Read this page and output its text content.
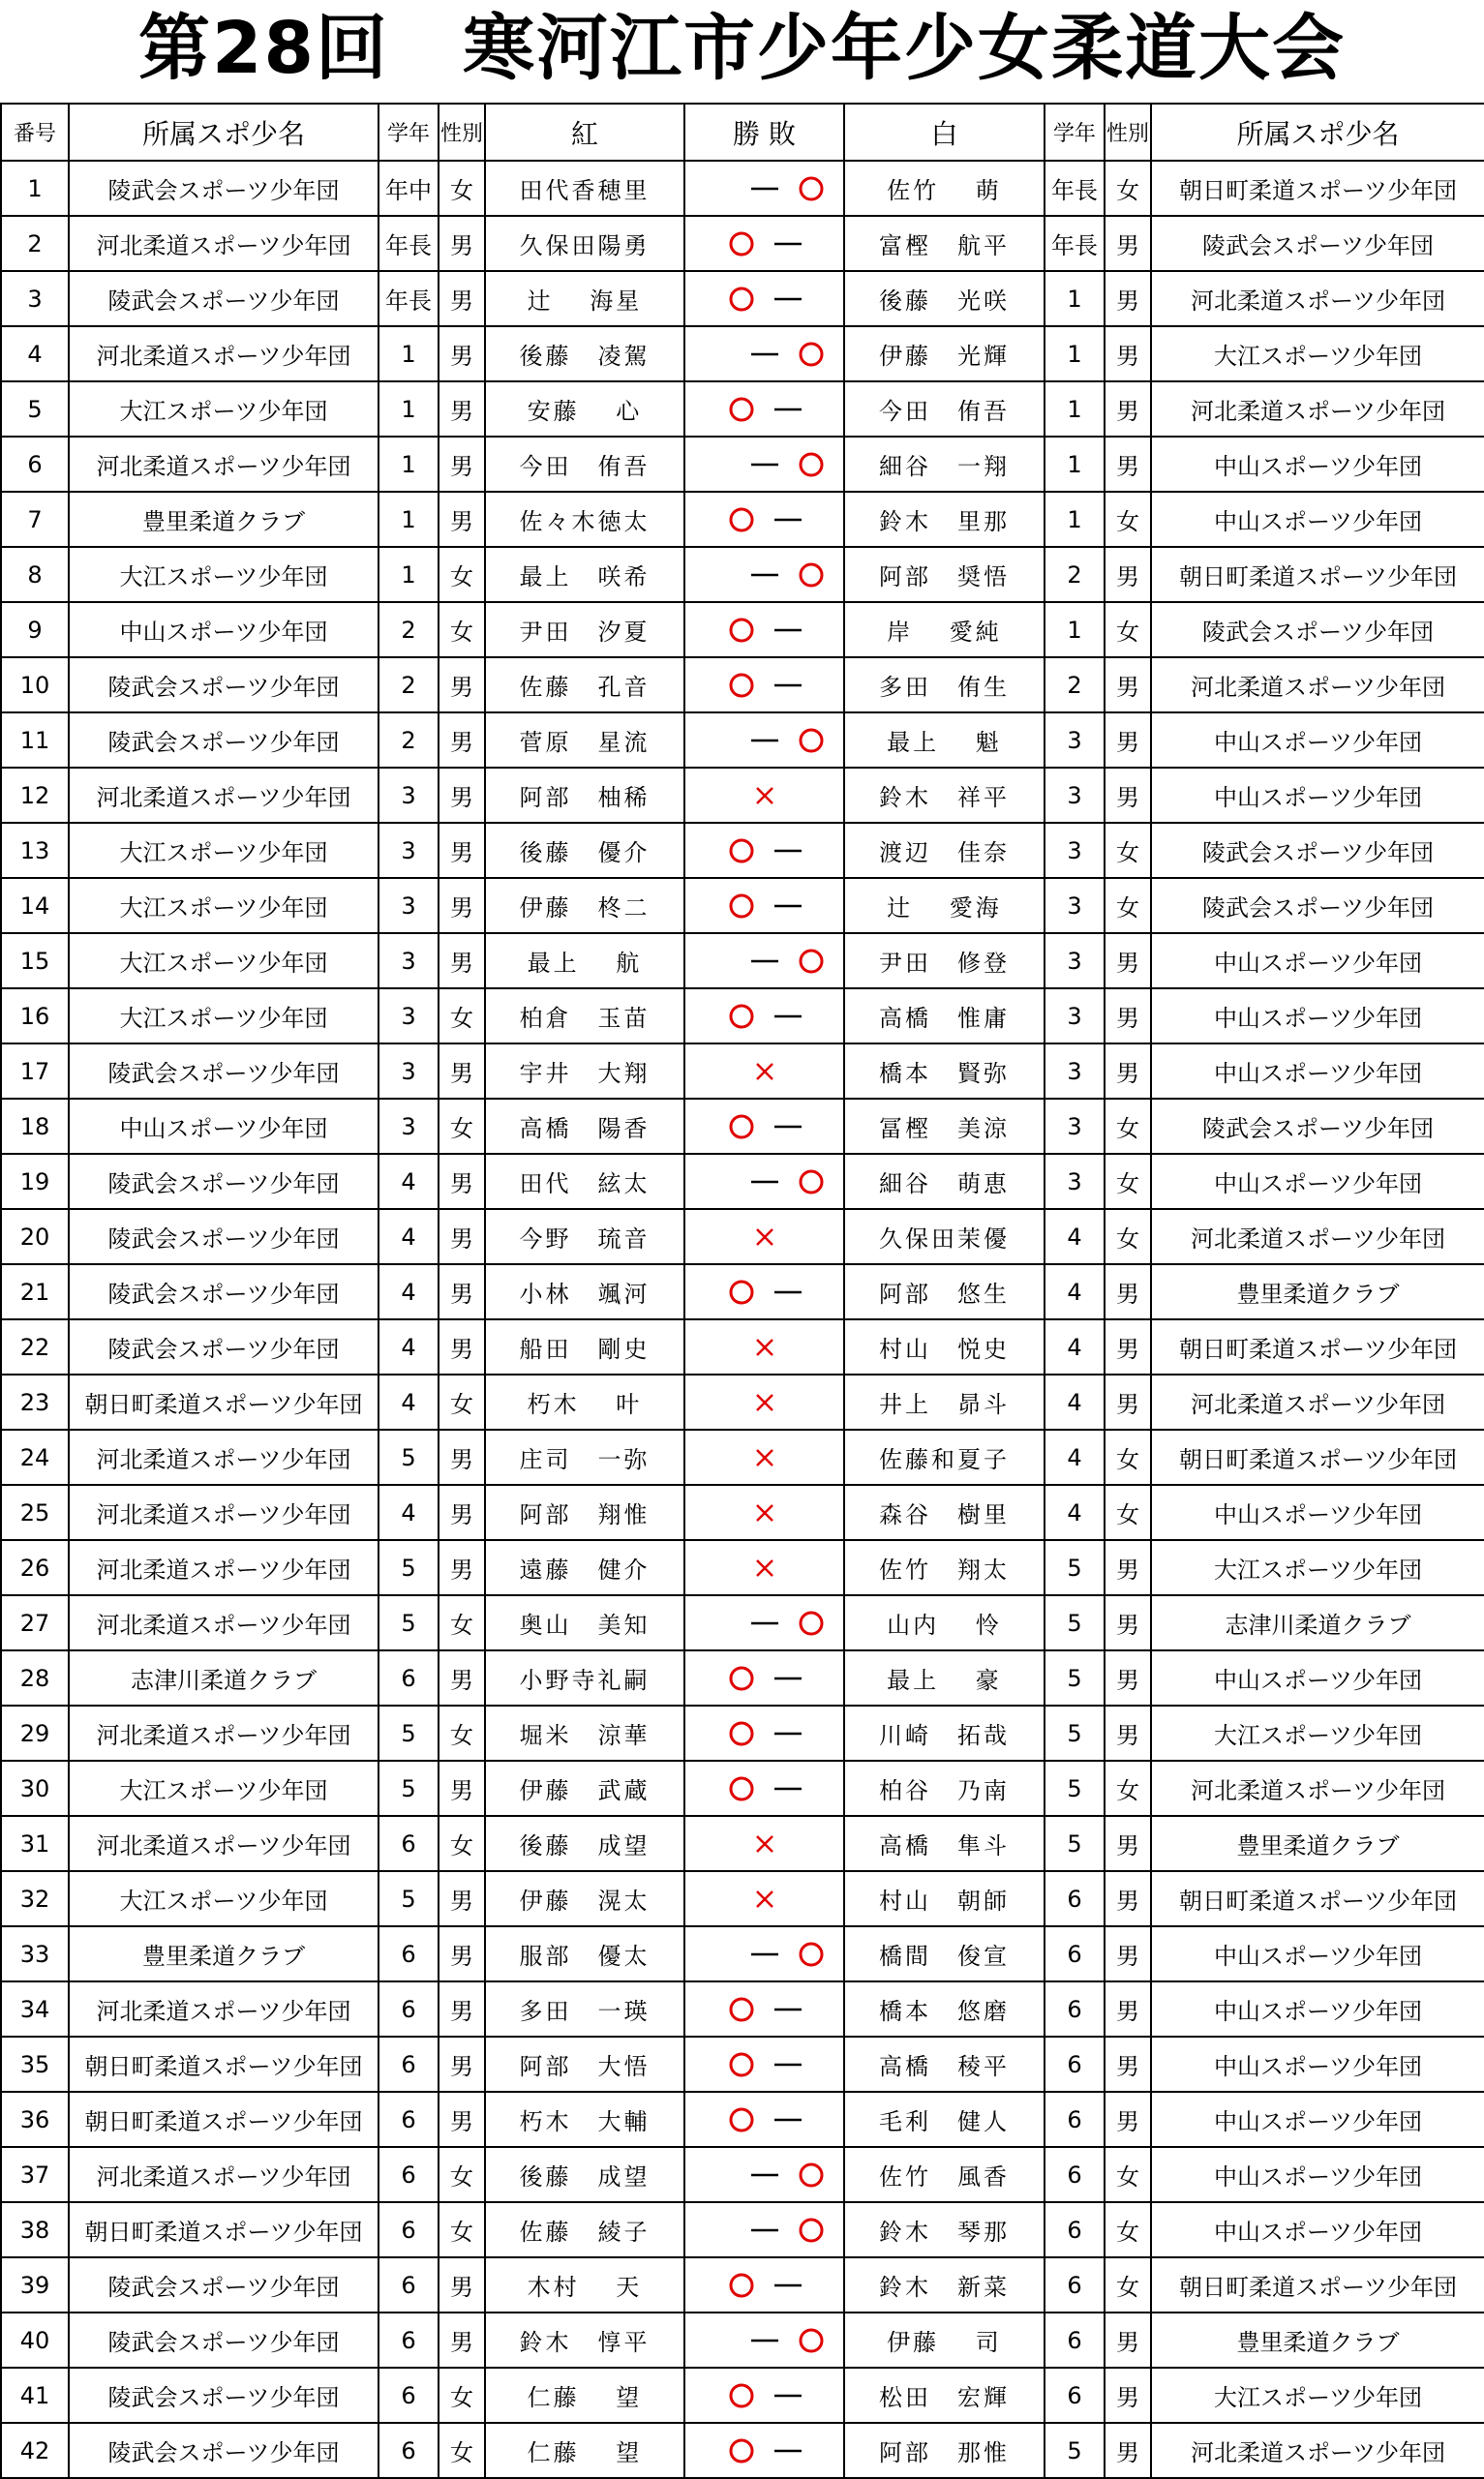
第28回　寒河江市少年少女柔道大会
番号	所属スポ少名	学年	性別	紅	勝 敗	白	学年	性別	所属スポ少名
1	陵武会スポーツ少年団	年中	女	田代香穂里		佐竹　 萌	年長	女	朝日町柔道スポーツ少年団
2	河北柔道スポーツ少年団	年長	男	久保田陽勇		富樫　航平	年長	男	陵武会スポーツ少年団
3	陵武会スポーツ少年団	年長	男	辻　 海星		後藤　光咲	1	男	河北柔道スポーツ少年団
4	河北柔道スポーツ少年団	1	男	後藤　凌駕		伊藤　光輝	1	男	大江スポーツ少年団
5	大江スポーツ少年団	1	男	安藤　 心		今田　侑吾	1	男	河北柔道スポーツ少年団
6	河北柔道スポーツ少年団	1	男	今田　侑吾		細谷　一翔	1	男	中山スポーツ少年団
7	豊里柔道クラブ	1	男	佐々木徳太		鈴木　里那	1	女	中山スポーツ少年団
8	大江スポーツ少年団	1	女	最上　咲希		阿部　奨悟	2	男	朝日町柔道スポーツ少年団
9	中山スポーツ少年団	2	女	尹田　汐夏		岸　 愛純	1	女	陵武会スポーツ少年団
10	陵武会スポーツ少年団	2	男	佐藤　孔音		多田　侑生	2	男	河北柔道スポーツ少年団
11	陵武会スポーツ少年団	2	男	菅原　星流		最上　 魁	3	男	中山スポーツ少年団
12	河北柔道スポーツ少年団	3	男	阿部　柚稀		鈴木　祥平	3	男	中山スポーツ少年団
13	大江スポーツ少年団	3	男	後藤　優介		渡辺　佳奈	3	女	陵武会スポーツ少年団
14	大江スポーツ少年団	3	男	伊藤　柊二		辻　 愛海	3	女	陵武会スポーツ少年団
15	大江スポーツ少年団	3	男	最上　 航		尹田　修登	3	男	中山スポーツ少年団
16	大江スポーツ少年団	3	女	柏倉　玉苗		高橋　惟庸	3	男	中山スポーツ少年団
17	陵武会スポーツ少年団	3	男	宇井　大翔		橋本　賢弥	3	男	中山スポーツ少年団
18	中山スポーツ少年団	3	女	高橋　陽香		冨樫　美涼	3	女	陵武会スポーツ少年団
19	陵武会スポーツ少年団	4	男	田代　絃太		細谷　萌恵	3	女	中山スポーツ少年団
20	陵武会スポーツ少年団	4	男	今野　琉音		久保田茉優	4	女	河北柔道スポーツ少年団
21	陵武会スポーツ少年団	4	男	小林　颯河		阿部　悠生	4	男	豊里柔道クラブ
22	陵武会スポーツ少年団	4	男	船田　剛史		村山　悦史	4	男	朝日町柔道スポーツ少年団
23	朝日町柔道スポーツ少年団	4	女	朽木　 叶		井上　昴斗	4	男	河北柔道スポーツ少年団
24	河北柔道スポーツ少年団	5	男	庄司　一弥		佐藤和夏子	4	女	朝日町柔道スポーツ少年団
25	河北柔道スポーツ少年団	4	男	阿部　翔惟		森谷　樹里	4	女	中山スポーツ少年団
26	河北柔道スポーツ少年団	5	男	遠藤　健介		佐竹　翔太	5	男	大江スポーツ少年団
27	河北柔道スポーツ少年団	5	女	奥山　美知		山内　 怜	5	男	志津川柔道クラブ
28	志津川柔道クラブ	6	男	小野寺礼嗣		最上　 豪	5	男	中山スポーツ少年団
29	河北柔道スポーツ少年団	5	女	堀米　涼華		川崎　拓哉	5	男	大江スポーツ少年団
30	大江スポーツ少年団	5	男	伊藤　武蔵		柏谷　乃南	5	女	河北柔道スポーツ少年団
31	河北柔道スポーツ少年団	6	女	後藤　成望		高橋　隼斗	5	男	豊里柔道クラブ
32	大江スポーツ少年団	5	男	伊藤　滉太		村山　朝師	6	男	朝日町柔道スポーツ少年団
33	豊里柔道クラブ	6	男	服部　優太		橋間　俊宣	6	男	中山スポーツ少年団
34	河北柔道スポーツ少年団	6	男	多田　一瑛		橋本　悠磨	6	男	中山スポーツ少年団
35	朝日町柔道スポーツ少年団	6	男	阿部　大悟		高橋　稜平	6	男	中山スポーツ少年団
36	朝日町柔道スポーツ少年団	6	男	朽木　大輔		毛利　健人	6	男	中山スポーツ少年団
37	河北柔道スポーツ少年団	6	女	後藤　成望		佐竹　風香	6	女	中山スポーツ少年団
38	朝日町柔道スポーツ少年団	6	女	佐藤　綾子		鈴木　琴那	6	女	中山スポーツ少年団
39	陵武会スポーツ少年団	6	男	木村　 天		鈴木　新菜	6	女	朝日町柔道スポーツ少年団
40	陵武会スポーツ少年団	6	男	鈴木　惇平		伊藤　 司	6	男	豊里柔道クラブ
41	陵武会スポーツ少年団	6	女	仁藤　 望		松田　宏輝	6	男	大江スポーツ少年団
42	陵武会スポーツ少年団	6	女	仁藤　 望		阿部　那惟	5	男	河北柔道スポーツ少年団
